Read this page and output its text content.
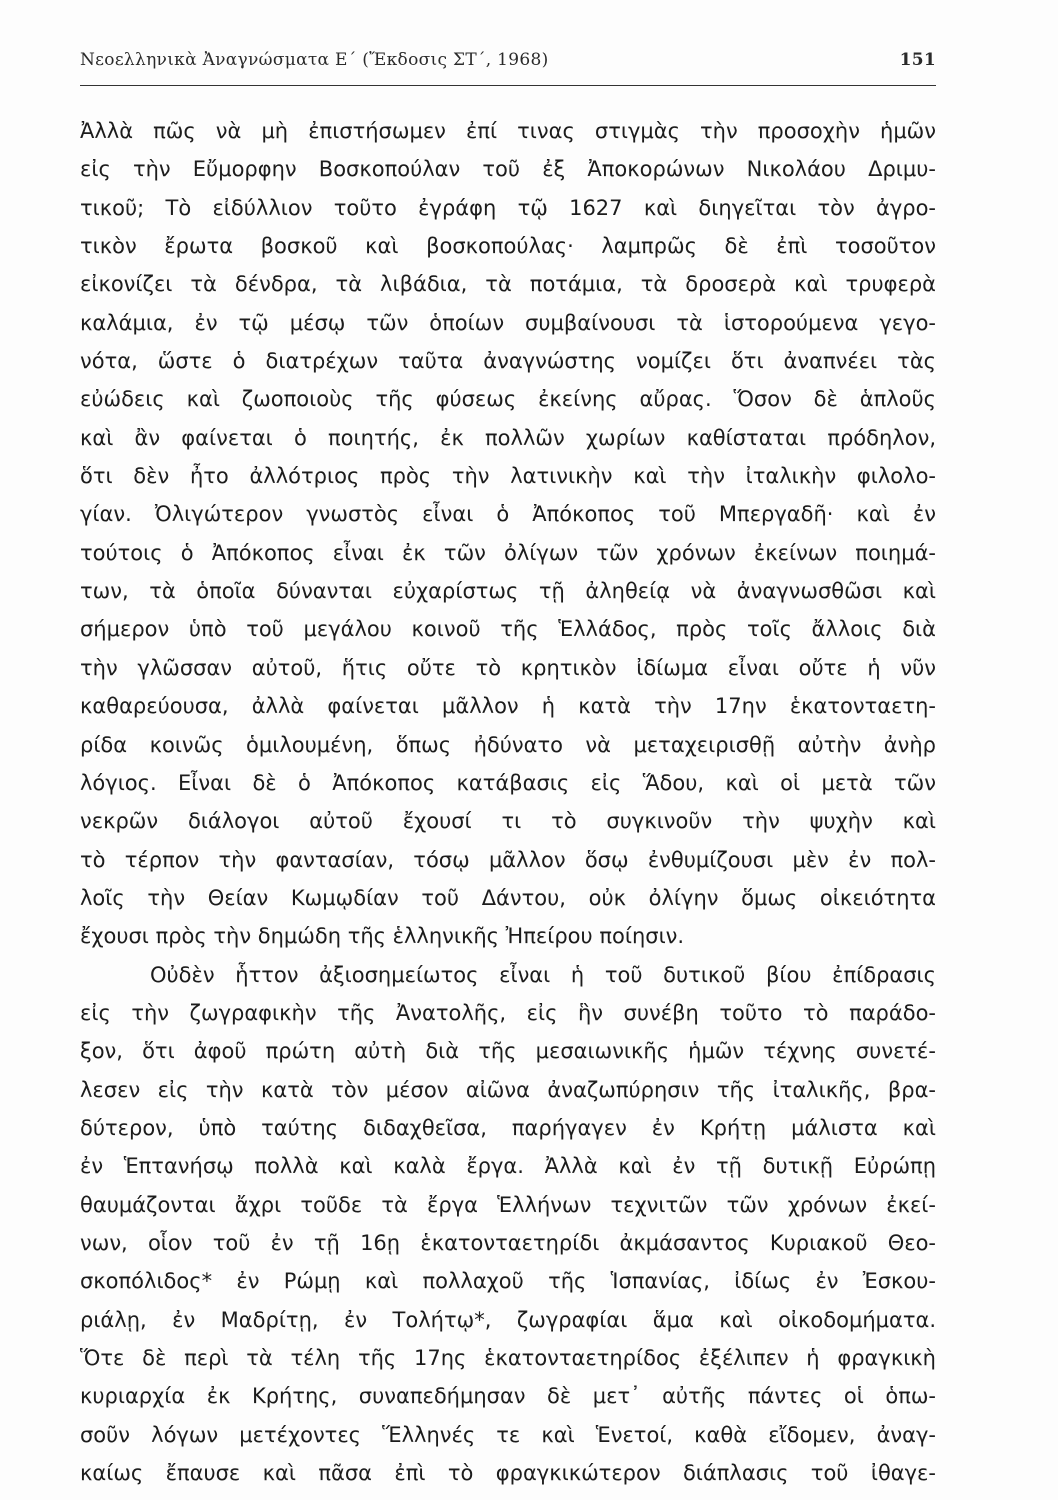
Νεοελληνικὰ Ἀναγνώσματα Ε΄ (Ἔκδοσις ΣΤ΄, 1968)	151
Ἀλλὰ πῶς νὰ μὴ ἐπιστήσωμεν ἐπί τινας στιγμὰς τὴν προσοχὴν ἡμῶν
εἰς τὴν Εὔμορφην Βοσκοπούλαν τοῦ ἐξ Ἀποκορώνων Νικολάου Δριμυ-
τικοῦ; Τὸ εἰδύλλιον τοῦτο ἐγράφη τῷ 1627 καὶ διηγεῖται τὸν ἀγρο-
τικὸν ἔρωτα βοσκοῦ καὶ βοσκοπούλας· λαμπρῶς δὲ ἐπὶ τοσοῦτον
εἰκονίζει τὰ δένδρα, τὰ λιβάδια, τὰ ποτάμια, τὰ δροσερὰ καὶ τρυφερὰ
καλάμια, ἐν τῷ μέσῳ τῶν ὁποίων συμβαίνουσι τὰ ἱστορούμενα γεγο-
νότα, ὥστε ὁ διατρέχων ταῦτα ἀναγνώστης νομίζει ὅτι ἀναπνέει τὰς
εὐώδεις καὶ ζωοποιοὺς τῆς φύσεως ἐκείνης αὔρας. Ὅσον δὲ ἁπλοῦς
καὶ ἂν φαίνεται ὁ ποιητής, ἐκ πολλῶν χωρίων καθίσταται πρόδηλον,
ὅτι δὲν ἦτο ἀλλότριος πρὸς τὴν λατινικὴν καὶ τὴν ἰταλικὴν φιλολο-
γίαν. Ὀλιγώτερον γνωστὸς εἶναι ὁ Ἀπόκοπος τοῦ Μπεργαδῆ· καὶ ἐν
τούτοις ὁ Ἀπόκοπος εἶναι ἐκ τῶν ὀλίγων τῶν χρόνων ἐκείνων ποιημά-
των, τὰ ὁποῖα δύνανται εὐχαρίστως τῇ ἀληθείᾳ νὰ ἀναγνωσθῶσι καὶ
σήμερον ὑπὸ τοῦ μεγάλου κοινοῦ τῆς Ἑλλάδος, πρὸς τοῖς ἄλλοις διὰ
τὴν γλῶσσαν αὐτοῦ, ἥτις οὔτε τὸ κρητικὸν ἰδίωμα εἶναι οὔτε ἡ νῦν
καθαρεύουσα, ἀλλὰ φαίνεται μᾶλλον ἡ κατὰ τὴν 17ην ἑκατονταετη-
ρίδα κοινῶς ὁμιλουμένη, ὅπως ἠδύνατο νὰ μεταχειρισθῇ αὐτὴν ἀνὴρ
λόγιος. Εἶναι δὲ ὁ Ἀπόκοπος κατάβασις εἰς Ἅδου, καὶ οἱ μετὰ τῶν
νεκρῶν διάλογοι αὐτοῦ ἔχουσί τι τὸ συγκινοῦν τὴν ψυχὴν καὶ
τὸ τέρπον τὴν φαντασίαν, τόσῳ μᾶλλον ὅσῳ ἐνθυμίζουσι μὲν ἐν πολ-
λοῖς τὴν Θείαν Κωμῳδίαν τοῦ Δάντου, οὐκ ὀλίγην ὅμως οἰκειότητα
ἔχουσι πρὸς τὴν δημώδη τῆς ἑλληνικῆς Ἠπείρου ποίησιν.
Οὐδὲν ἧττον ἀξιοσημείωτος εἶναι ἡ τοῦ δυτικοῦ βίου ἐπίδρασις
εἰς τὴν ζωγραφικὴν τῆς Ἀνατολῆς, εἰς ἣν συνέβη τοῦτο τὸ παράδο-
ξον, ὅτι ἀφοῦ πρώτη αὐτὴ διὰ τῆς μεσαιωνικῆς ἡμῶν τέχνης συνετέ-
λεσεν εἰς τὴν κατὰ τὸν μέσον αἰῶνα ἀναζωπύρησιν τῆς ἰταλικῆς, βρα-
δύτερον, ὑπὸ ταύτης διδαχθεῖσα, παρήγαγεν ἐν Κρήτῃ μάλιστα καὶ
ἐν Ἑπτανήσῳ πολλὰ καὶ καλὰ ἔργα. Ἀλλὰ καὶ ἐν τῇ δυτικῇ Εὐρώπῃ
θαυμάζονται ἄχρι τοῦδε τὰ ἔργα Ἑλλήνων τεχνιτῶν τῶν χρόνων ἐκεί-
νων, οἷον τοῦ ἐν τῇ 16ῃ ἑκατονταετηρίδι ἀκμάσαντος Κυριακοῦ Θεο-
σκοπόλιδος* ἐν Ρώμῃ καὶ πολλαχοῦ τῆς Ἱσπανίας, ἰδίως ἐν Ἐσκου-
ριάλῃ, ἐν Μαδρίτῃ, ἐν Τολήτῳ*, ζωγραφίαι ἅμα καὶ οἰκοδομήματα.
Ὅτε δὲ περὶ τὰ τέλη τῆς 17ης ἑκατονταετηρίδος ἐξέλιπεν ἡ φραγκικὴ
κυριαρχία ἐκ Κρήτης, συναπεδήμησαν δὲ μετ᾽ αὐτῆς πάντες οἱ ὁπω-
σοῦν λόγων μετέχοντες Ἕλληνές τε καὶ Ἑνετοί, καθὰ εἴδομεν, ἀναγ-
καίως ἔπαυσε καὶ πᾶσα ἐπὶ τὸ φραγκικώτερον διάπλασις τοῦ ἰθαγε-
